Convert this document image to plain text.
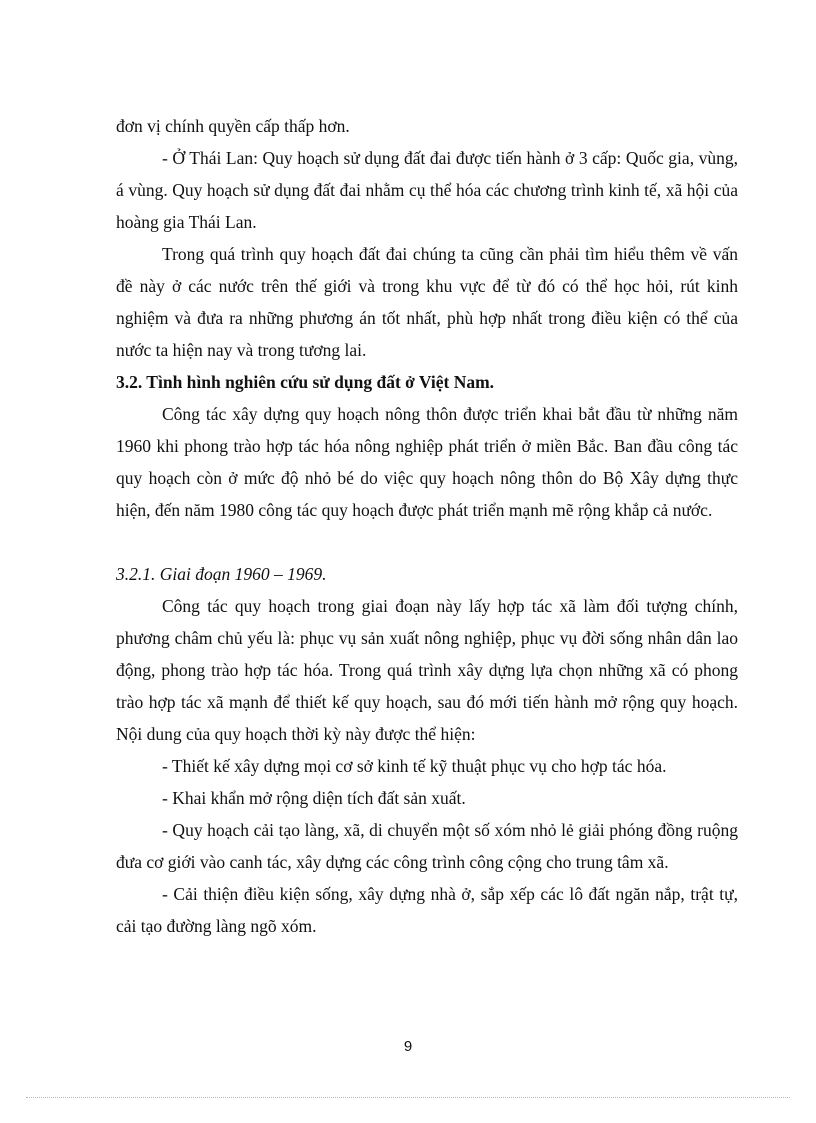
đơn vị chính quyền cấp thấp hơn.

- Ở Thái Lan: Quy hoạch sử dụng đất đai được tiến hành ở 3 cấp: Quốc gia, vùng, á vùng. Quy hoạch sử dụng đất đai nhằm cụ thể hóa các chương trình kinh tế, xã hội của hoàng gia Thái Lan.

Trong quá trình quy hoạch đất đai chúng ta cũng cần phải tìm hiểu thêm về vấn đề này ở các nước trên thế giới và trong khu vực để từ đó có thể học hỏi, rút kinh nghiệm và đưa ra những phương án tốt nhất, phù hợp nhất trong điều kiện có thể của nước ta hiện nay và trong tương lai.

3.2. Tình hình nghiên cứu sử dụng đất ở Việt Nam.

Công tác xây dựng quy hoạch nông thôn được triển khai bắt đầu từ những năm 1960 khi phong trào hợp tác hóa nông nghiệp phát triển ở miền Bắc. Ban đầu công tác quy hoạch còn ở mức độ nhỏ bé do việc quy hoạch nông thôn do Bộ Xây dựng thực hiện, đến năm 1980 công tác quy hoạch được phát triển mạnh mẽ rộng khắp cả nước.

3.2.1. Giai đoạn 1960 – 1969.

Công tác quy hoạch trong giai đoạn này lấy hợp tác xã làm đối tượng chính, phương châm chủ yếu là: phục vụ sản xuất nông nghiệp, phục vụ đời sống nhân dân lao động, phong trào hợp tác hóa. Trong quá trình xây dựng lựa chọn những xã có phong trào hợp tác xã mạnh để thiết kế quy hoạch, sau đó mới tiến hành mở rộng quy hoạch. Nội dung của quy hoạch thời kỳ này được thể hiện:

- Thiết kế xây dựng mọi cơ sở kinh tế kỹ thuật phục vụ cho hợp tác hóa.

- Khai khẩn mở rộng diện tích đất sản xuất.

- Quy hoạch cải tạo làng, xã, di chuyển một số xóm nhỏ lẻ giải phóng đồng ruộng đưa cơ giới vào canh tác, xây dựng các công trình công cộng cho trung tâm xã.

- Cải thiện điều kiện sống, xây dựng nhà ở, sắp xếp các lô đất ngăn nắp, trật tự, cải tạo đường làng ngõ xóm.

9
